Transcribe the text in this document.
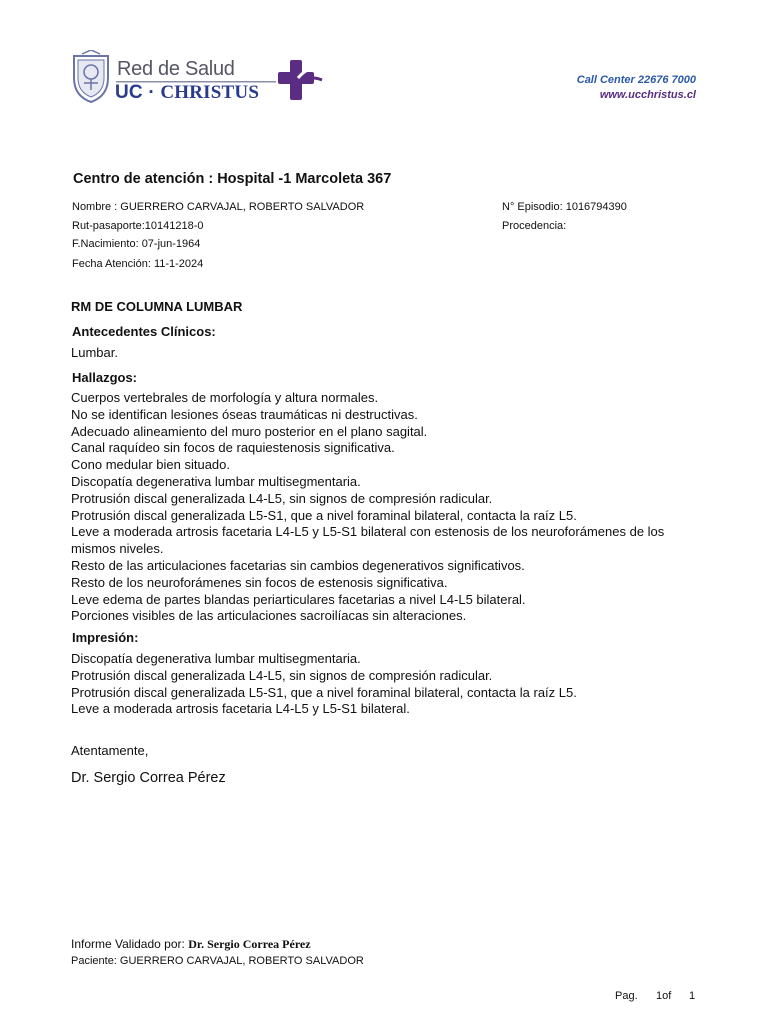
Red de Salud
UC · CHRISTUS
Call Center 22676 7000
www.ucchristus.cl
Centro de atención : Hospital -1 Marcoleta 367
Nombre : GUERRERO CARVAJAL, ROBERTO SALVADOR
Rut-pasaporte:10141218-0
F.Nacimiento: 07-jun-1964
Fecha Atención: 11-1-2024
N° Episodio: 1016794390
Procedencia:
RM DE COLUMNA LUMBAR
Antecedentes Clínicos:
Lumbar.
Hallazgos:
Cuerpos vertebrales de morfología y altura normales.
No se identifican lesiones óseas traumáticas ni destructivas.
Adecuado alineamiento del muro posterior en el plano sagital.
Canal raquídeo sin focos de raquiestenosis significativa.
Cono medular bien situado.
Discopatía degenerativa lumbar multisegmentaria.
Protrusión discal generalizada L4-L5, sin signos de compresión radicular.
Protrusión discal generalizada L5-S1, que a nivel foraminal bilateral, contacta la raíz L5.
Leve a moderada artrosis facetaria L4-L5 y L5-S1 bilateral con estenosis de los neuroforámenes de los mismos niveles.
Resto de las articulaciones facetarias sin cambios degenerativos significativos.
Resto de los neuroforámenes sin focos de estenosis significativa.
Leve edema de partes blandas periarticulares facetarias a nivel L4-L5 bilateral.
Porciones visibles de las articulaciones sacroilíacas sin alteraciones.
Impresión:
Discopatía degenerativa lumbar multisegmentaria.
Protrusión discal generalizada L4-L5, sin signos de compresión radicular.
Protrusión discal generalizada L5-S1, que a nivel foraminal bilateral, contacta la raíz L5.
Leve a moderada artrosis facetaria L4-L5 y L5-S1 bilateral.
Atentamente,
Dr. Sergio Correa Pérez
Informe Validado por: Dr. Sergio Correa Pérez
Paciente: GUERRERO CARVAJAL, ROBERTO SALVADOR
Pag. 1of 1
